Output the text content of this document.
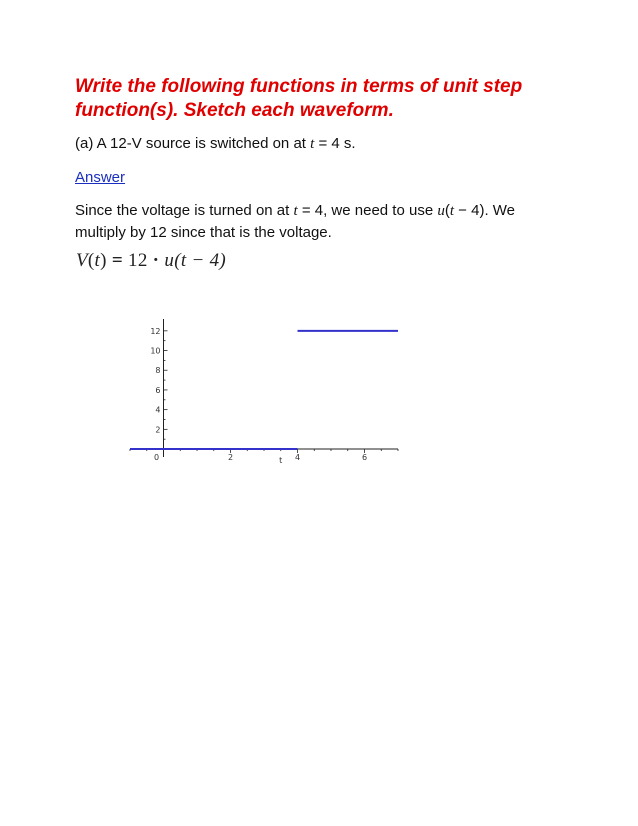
Write the following functions in terms of unit step
function(s). Sketch each waveform.

(a) A 12-V source is switched on at t = 4 s.

Answer

Since the voltage is turned on at t = 4, we need to use u(t − 4). We
multiply by 12 since that is the voltage.

V(t) = 12 · u(t − 4)

0	2	4	6
t
2
4
6
8
10
12
